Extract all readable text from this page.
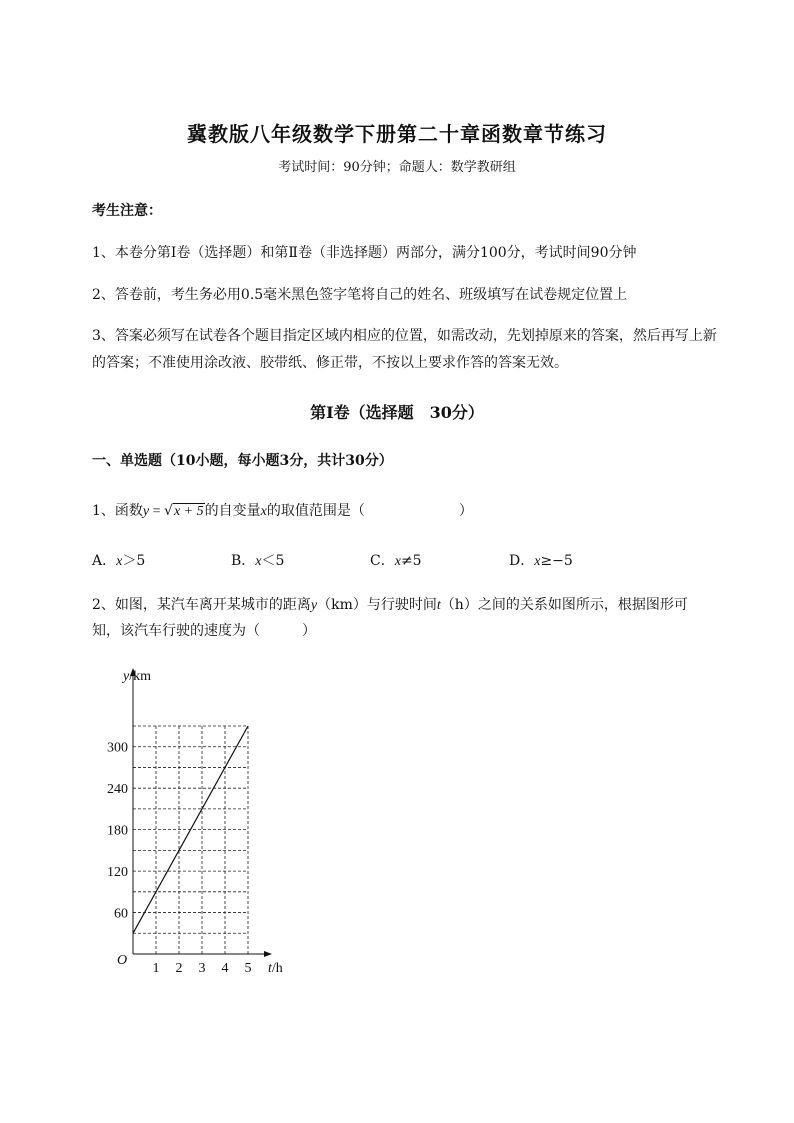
冀教版八年级数学下册第二十章函数章节练习
考试时间：90分钟；命题人：数学教研组
考生注意：
1、本卷分第Ⅰ卷（选择题）和第Ⅱ卷（非选择题）两部分，满分100分，考试时间90分钟
2、答卷前，考生务必用0.5毫米黑色签字笔将自己的姓名、班级填写在试卷规定位置上
3、答案必须写在试卷各个题目指定区域内相应的位置，如需改动，先划掉原来的答案，然后再写上新
的答案；不准使用涂改液、胶带纸、修正带，不按以上要求作答的答案无效。
第Ⅰ卷（选择题　30分）
一、单选题（10小题，每小题3分，共计30分）
1、函数y = √x + 5的自变量x的取值范围是（	）
A．x＞5	B．x＜5	C．x≠5	D．x≥−5
2、如图，某汽车离开某城市的距离y（km）与行驶时间t（h）之间的关系如图所示，根据图形可
知，该汽车行驶的速度为（　　　）
1 2 3 4 5
60
120
180
240
300
O
y/km
t/h
